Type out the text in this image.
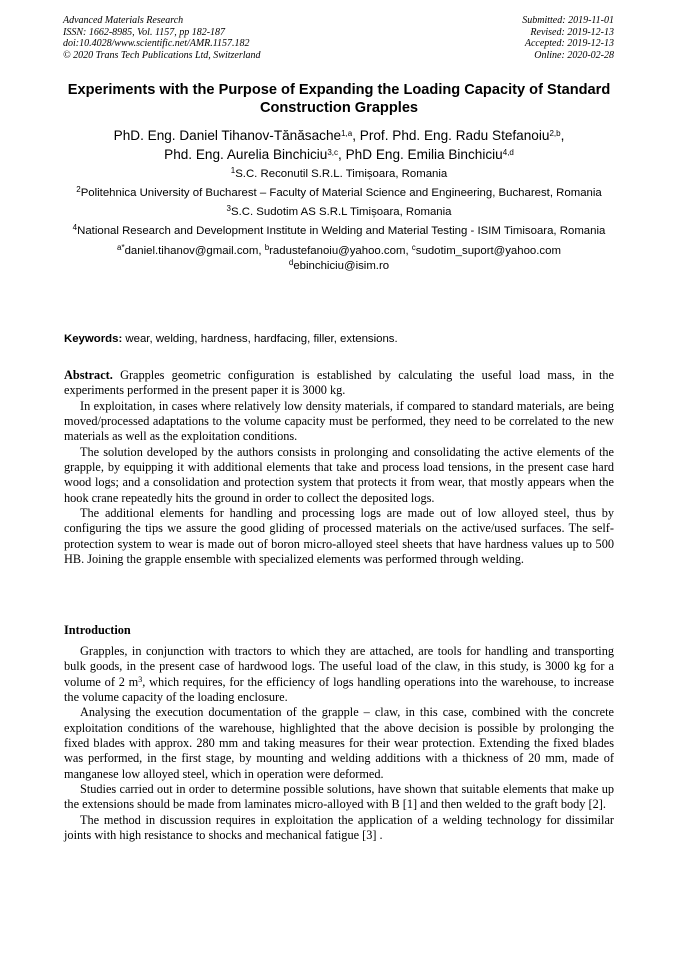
Advanced Materials Research
ISSN: 1662-8985, Vol. 1157, pp 182-187
doi:10.4028/www.scientific.net/AMR.1157.182
© 2020 Trans Tech Publications Ltd, Switzerland
Submitted: 2019-11-01
Revised: 2019-12-13
Accepted: 2019-12-13
Online: 2020-02-28
Experiments with the Purpose of Expanding the Loading Capacity of Standard Construction Grapples
PhD. Eng. Daniel Tihanov-Tănăsache$^{1,a}$, Prof. Phd. Eng. Radu Stefanoiu$^{2,b}$,
Phd. Eng. Aurelia Binchiciu$^{3,c}$, PhD Eng. Emilia Binchiciu$^{4,d}$
$^1$S.C. Reconutil S.R.L. Timișoara, Romania
$^2$Politehnica University of Bucharest – Faculty of Material Science and Engineering, Bucharest, Romania
$^3$S.C. Sudotim AS S.R.L Timișoara, Romania
$^4$National Research and Development Institute in Welding and Material Testing - ISIM Timisoara, Romania
$^{a*}$daniel.tihanov@gmail.com, $^b$radustefanoiu@yahoo.com, $^c$sudotim_suport@yahoo.com
$^d$ebinchiciu@isim.ro
Keywords: wear, welding, hardness, hardfacing, filler, extensions.

Abstract. Grapples geometric configuration is established by calculating the useful load mass, in the experiments performed in the present paper it is 3000 kg.

In exploitation, in cases where relatively low density materials, if compared to standard materials, are being moved/processed adaptations to the volume capacity must be performed, they need to be correlated to the new materials as well as the exploitation conditions.

The solution developed by the authors consists in prolonging and consolidating the active elements of the grapple, by equipping it with additional elements that take and process load tensions, in the present case hard wood logs; and a consolidation and protection system that protects it from wear, that mostly appears when the hook crane repeatedly hits the ground in order to collect the deposited logs.

The additional elements for handling and processing logs are made out of low alloyed steel, thus by configuring the tips we assure the good gliding of processed materials on the active/used surfaces. The self-protection system to wear is made out of boron micro-alloyed steel sheets that have hardness values up to 500 HB. Joining the grapple ensemble with specialized elements was performed through welding.

Introduction

Grapples, in conjunction with tractors to which they are attached, are tools for handling and transporting bulk goods, in the present case of hardwood logs. The useful load of the claw, in this study, is 3000 kg for a volume of 2 $m^3$, which requires, for the efficiency of logs handling operations into the warehouse, to increase the volume capacity of the loading enclosure.

Analysing the execution documentation of the grapple – claw, in this case, combined with the concrete exploitation conditions of the warehouse, highlighted that the above decision is possible by prolonging the fixed blades with approx. 280 mm and taking measures for their wear protection. Extending the fixed blades was performed, in the first stage, by mounting and welding additions with a thickness of 20 mm, made of manganese low alloyed steel, which in operation were deformed.

Studies carried out in order to determine possible solutions, have shown that suitable elements that make up the extensions should be made from laminates micro-alloyed with B [1] and then welded to the graft body [2].

The method in discussion requires in exploitation the application of a welding technology for dissimilar joints with high resistance to shocks and mechanical fatigue [3] .
